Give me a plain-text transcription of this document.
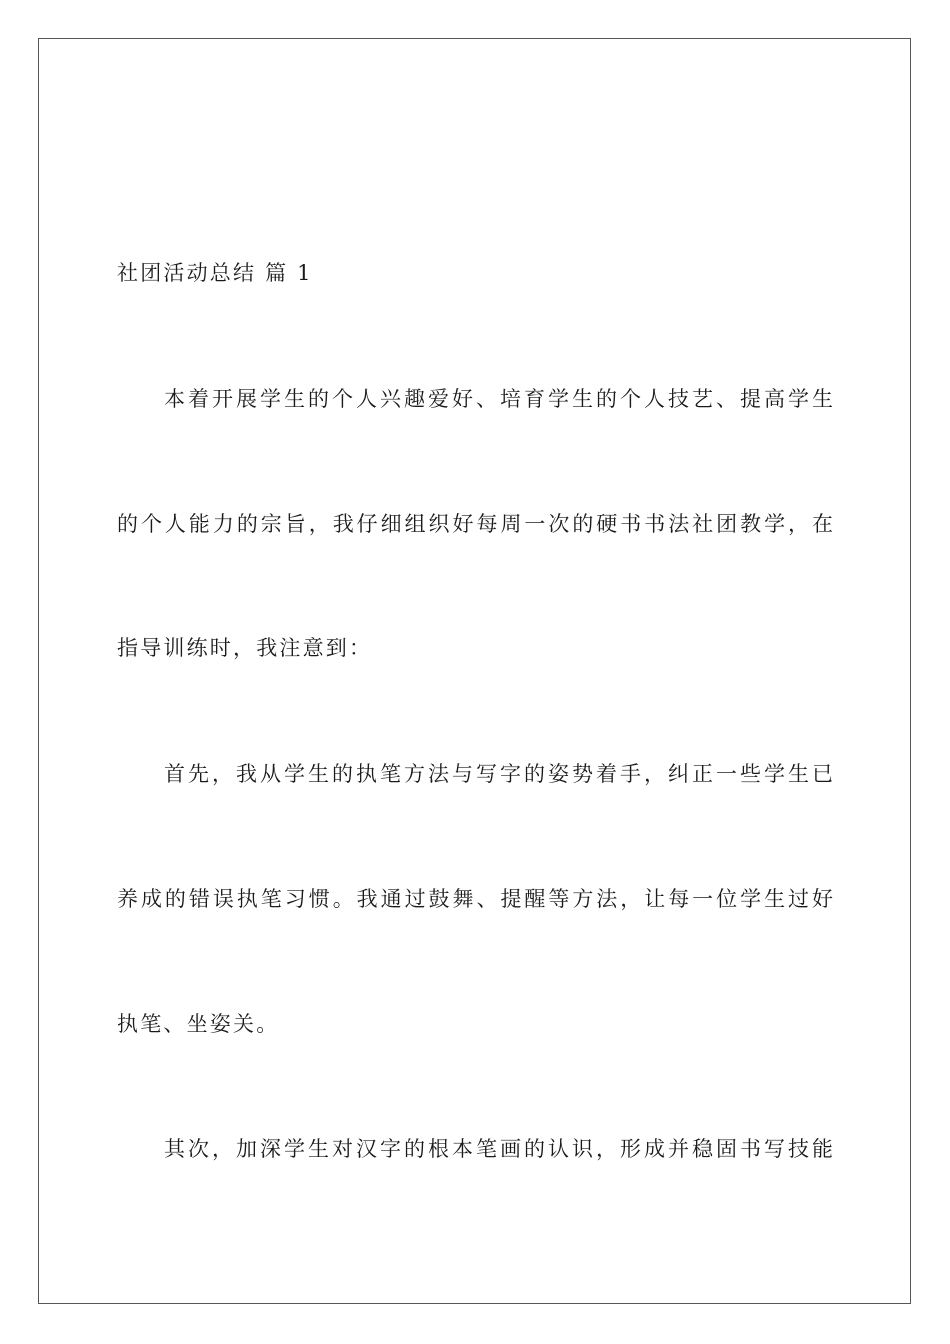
社团活动总结 篇 1
本着开展学生的个人兴趣爱好、培育学生的个人技艺、提高学生
的个人能力的宗旨，我仔细组织好每周一次的硬书书法社团教学，在
指导训练时，我注意到：
首先，我从学生的执笔方法与写字的姿势着手，纠正一些学生已
养成的错误执笔习惯。我通过鼓舞、提醒等方法，让每一位学生过好
执笔、坐姿关。
其次，加深学生对汉字的根本笔画的认识，形成并稳固书写技能
